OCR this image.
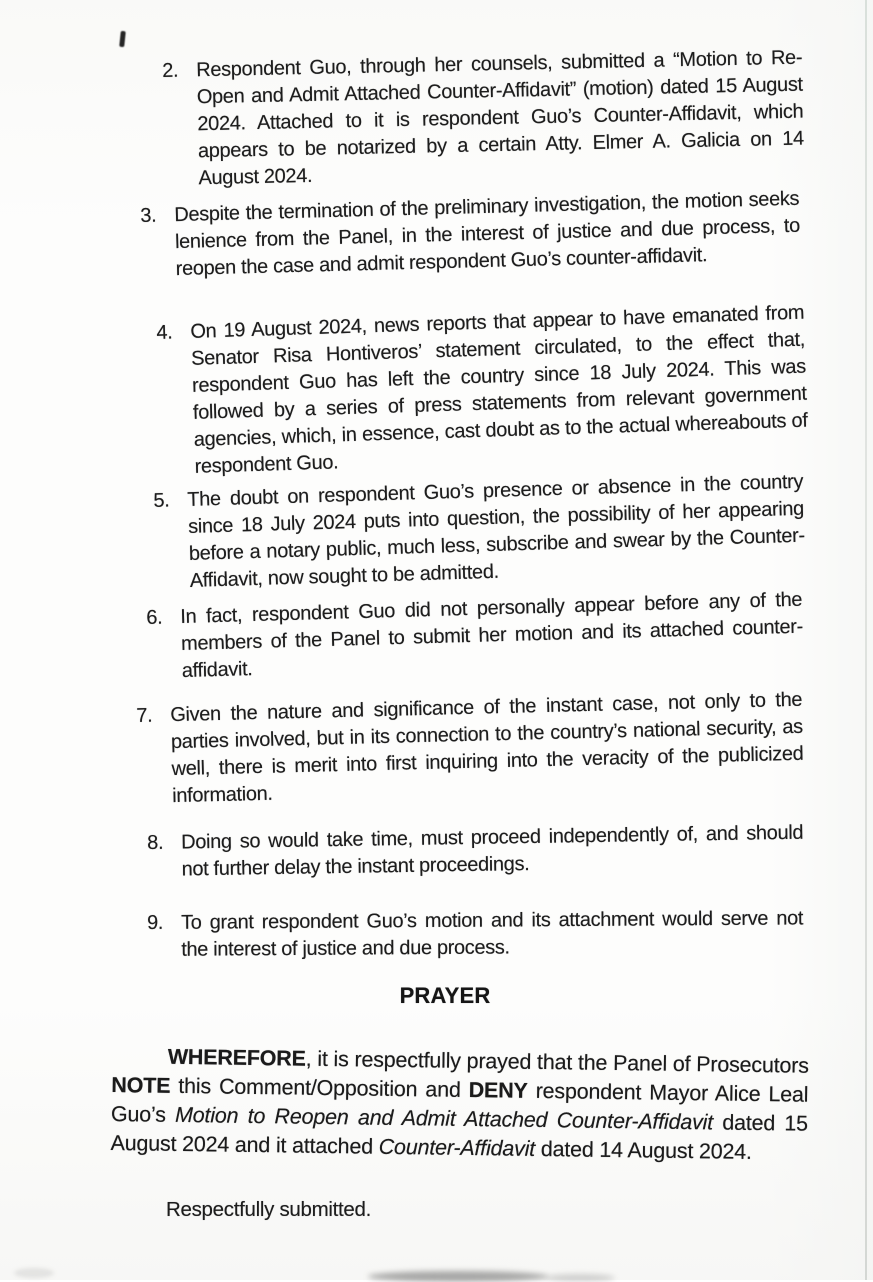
2. Respondent Guo, through her counsels, submitted a “Motion to Re-Open and Admit Attached Counter-Affidavit” (motion) dated 15 August 2024. Attached to it is respondent Guo’s Counter-Affidavit, which appears to be notarized by a certain Atty. Elmer A. Galicia on 14 August 2024.
3. Despite the termination of the preliminary investigation, the motion seeks lenience from the Panel, in the interest of justice and due process, to reopen the case and admit respondent Guo’s counter-affidavit.
4. On 19 August 2024, news reports that appear to have emanated from Senator Risa Hontiveros’ statement circulated, to the effect that, respondent Guo has left the country since 18 July 2024. This was followed by a series of press statements from relevant government agencies, which, in essence, cast doubt as to the actual whereabouts of respondent Guo.
5. The doubt on respondent Guo’s presence or absence in the country since 18 July 2024 puts into question, the possibility of her appearing before a notary public, much less, subscribe and swear by the Counter-Affidavit, now sought to be admitted.
6. In fact, respondent Guo did not personally appear before any of the members of the Panel to submit her motion and its attached counter-affidavit.
7. Given the nature and significance of the instant case, not only to the parties involved, but in its connection to the country’s national security, as well, there is merit into first inquiring into the veracity of the publicized information.
8. Doing so would take time, must proceed independently of, and should not further delay the instant proceedings.
9. To grant respondent Guo’s motion and its attachment would serve not the interest of justice and due process.
PRAYER
WHEREFORE, it is respectfully prayed that the Panel of Prosecutors NOTE this Comment/Opposition and DENY respondent Mayor Alice Leal Guo’s Motion to Reopen and Admit Attached Counter-Affidavit dated 15 August 2024 and it attached Counter-Affidavit dated 14 August 2024.
Respectfully submitted.
